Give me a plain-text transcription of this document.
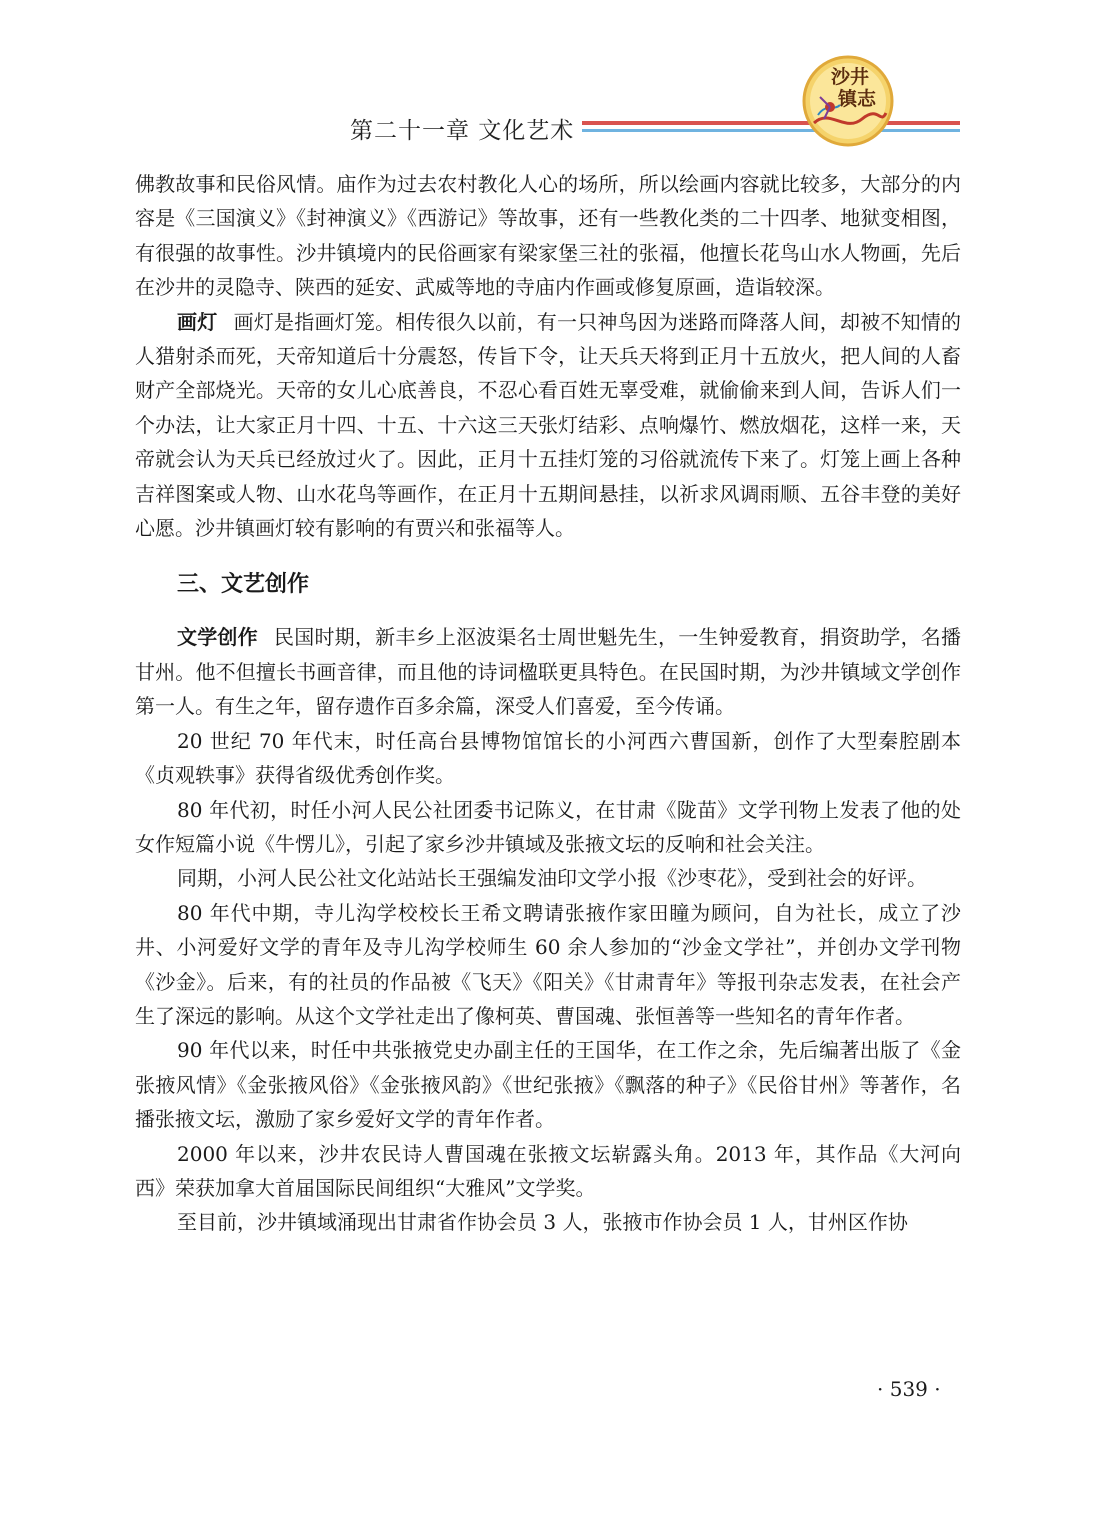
第二十一章 文化艺术
沙井
镇志

佛教故事和民俗风情。庙作为过去农村教化人心的场所，所以绘画内容就比较多，大部分的内容是《三国演义》《封神演义》《西游记》等故事，还有一些教化类的二十四孝、地狱变相图，有很强的故事性。沙井镇境内的民俗画家有梁家堡三社的张福，他擅长花鸟山水人物画，先后在沙井的灵隐寺、陕西的延安、武威等地的寺庙内作画或修复原画，造诣较深。

画灯 画灯是指画灯笼。相传很久以前，有一只神鸟因为迷路而降落人间，却被不知情的人猎射杀而死，天帝知道后十分震怒，传旨下令，让天兵天将到正月十五放火，把人间的人畜财产全部烧光。天帝的女儿心底善良，不忍心看百姓无辜受难，就偷偷来到人间，告诉人们一个办法，让大家正月十四、十五、十六这三天张灯结彩、点响爆竹、燃放烟花，这样一来，天帝就会认为天兵已经放过火了。因此，正月十五挂灯笼的习俗就流传下来了。灯笼上画上各种吉祥图案或人物、山水花鸟等画作，在正月十五期间悬挂，以祈求风调雨顺、五谷丰登的美好心愿。沙井镇画灯较有影响的有贾兴和张福等人。

三、文艺创作

文学创作 民国时期，新丰乡上沤波渠名士周世魁先生，一生钟爱教育，捐资助学，名播甘州。他不但擅长书画音律，而且他的诗词楹联更具特色。在民国时期，为沙井镇域文学创作第一人。有生之年，留存遗作百多余篇，深受人们喜爱，至今传诵。

20 世纪 70 年代末，时任高台县博物馆馆长的小河西六曹国新，创作了大型秦腔剧本《贞观轶事》获得省级优秀创作奖。

80 年代初，时任小河人民公社团委书记陈义，在甘肃《陇苗》文学刊物上发表了他的处女作短篇小说《牛愣儿》，引起了家乡沙井镇域及张掖文坛的反响和社会关注。

同期，小河人民公社文化站站长王强编发油印文学小报《沙枣花》，受到社会的好评。

80 年代中期，寺儿沟学校校长王希文聘请张掖作家田瞳为顾问，自为社长，成立了沙井、小河爱好文学的青年及寺儿沟学校师生 60 余人参加的“沙金文学社”，并创办文学刊物《沙金》。后来，有的社员的作品被《飞天》《阳关》《甘肃青年》等报刊杂志发表，在社会产生了深远的影响。从这个文学社走出了像柯英、曹国魂、张恒善等一些知名的青年作者。

90 年代以来，时任中共张掖党史办副主任的王国华，在工作之余，先后编著出版了《金张掖风情》《金张掖风俗》《金张掖风韵》《世纪张掖》《飘落的种子》《民俗甘州》等著作，名播张掖文坛，激励了家乡爱好文学的青年作者。

2000 年以来，沙井农民诗人曹国魂在张掖文坛崭露头角。2013 年，其作品《大河向西》荣获加拿大首届国际民间组织“大雅风”文学奖。

至目前，沙井镇域涌现出甘肃省作协会员 3 人，张掖市作协会员 1 人，甘州区作协

· 539 ·
